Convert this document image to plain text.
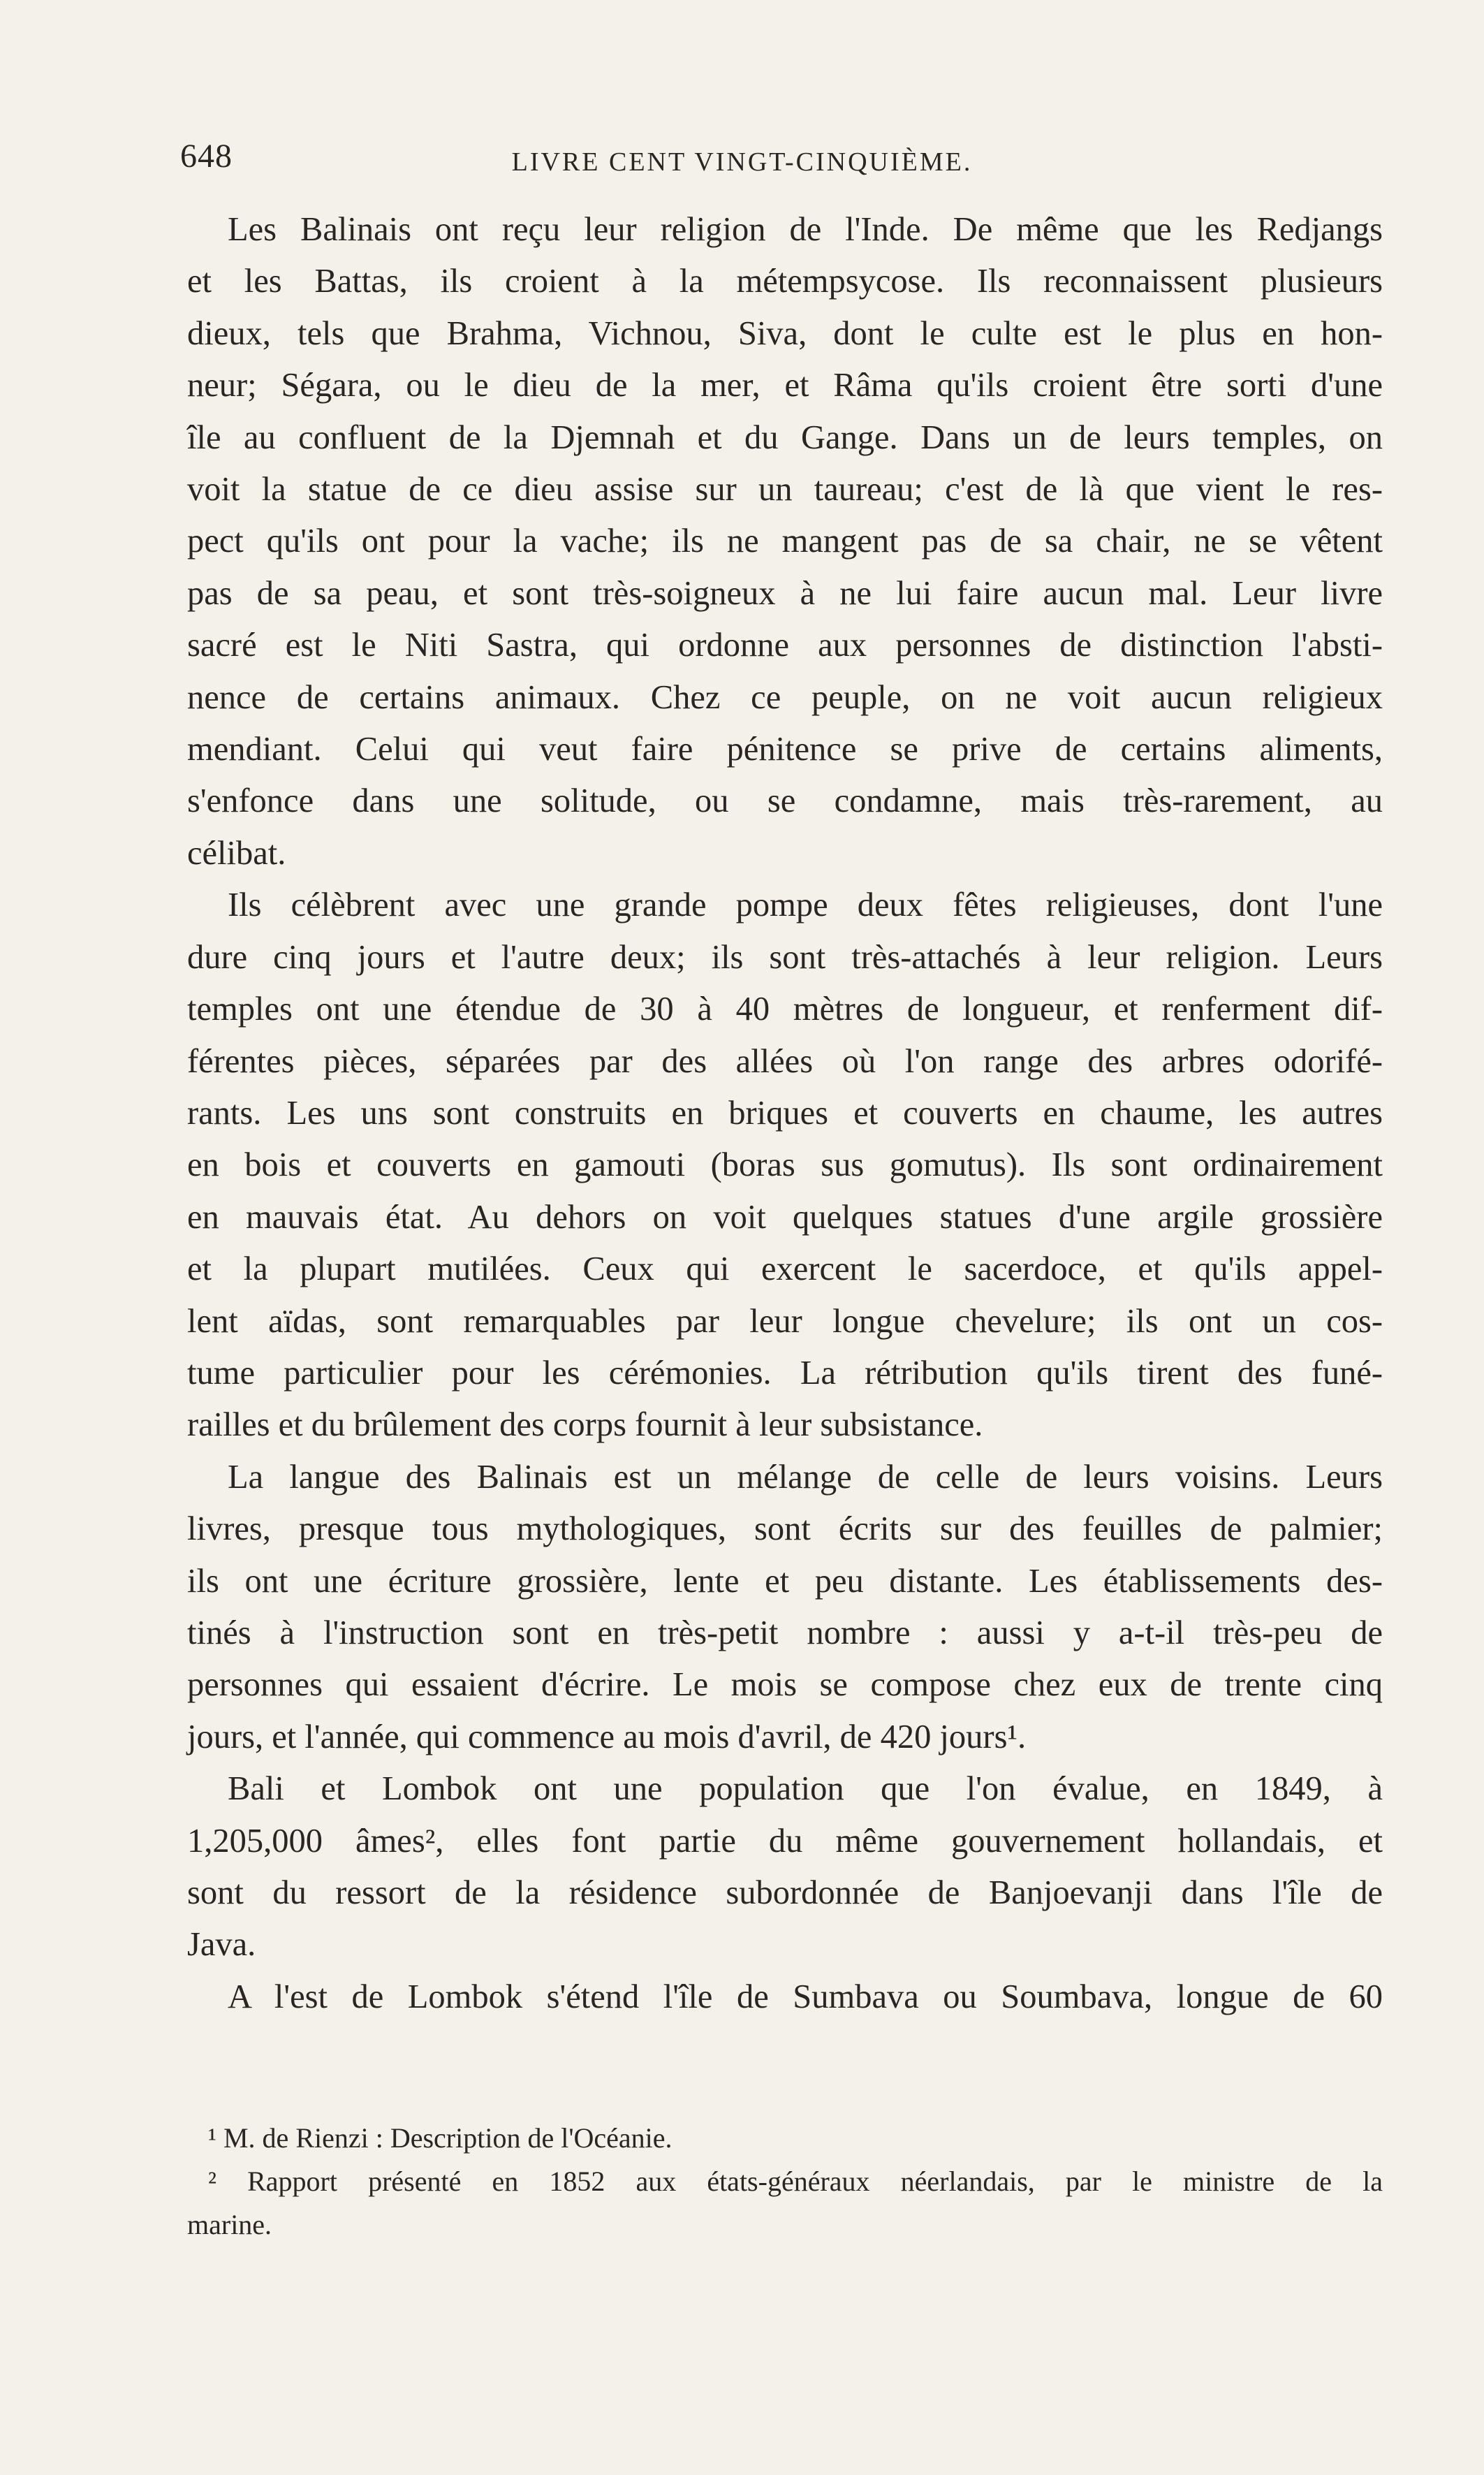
648	LIVRE CENT VINGT-CINQUIÈME.

Les Balinais ont reçu leur religion de l'Inde. De même que les Redjangs
et les Battas, ils croient à la métempsycose. Ils reconnaissent plusieurs
dieux, tels que Brahma, Vichnou, Siva, dont le culte est le plus en hon-
neur; Ségara, ou le dieu de la mer, et Râma qu'ils croient être sorti d'une
île au confluent de la Djemnah et du Gange. Dans un de leurs temples, on
voit la statue de ce dieu assise sur un taureau; c'est de là que vient le res-
pect qu'ils ont pour la vache; ils ne mangent pas de sa chair, ne se vêtent
pas de sa peau, et sont très-soigneux à ne lui faire aucun mal. Leur livre
sacré est le Niti Sastra, qui ordonne aux personnes de distinction l'absti-
nence de certains animaux. Chez ce peuple, on ne voit aucun religieux
mendiant. Celui qui veut faire pénitence se prive de certains aliments,
s'enfonce dans une solitude, ou se condamne, mais très-rarement, au
célibat.

Ils célèbrent avec une grande pompe deux fêtes religieuses, dont l'une
dure cinq jours et l'autre deux; ils sont très-attachés à leur religion. Leurs
temples ont une étendue de 30 à 40 mètres de longueur, et renferment dif-
férentes pièces, séparées par des allées où l'on range des arbres odorifé-
rants. Les uns sont construits en briques et couverts en chaume, les autres
en bois et couverts en gamouti (boras sus gomutus). Ils sont ordinairement
en mauvais état. Au dehors on voit quelques statues d'une argile grossière
et la plupart mutilées. Ceux qui exercent le sacerdoce, et qu'ils appel-
lent aïdas, sont remarquables par leur longue chevelure; ils ont un cos-
tume particulier pour les cérémonies. La rétribution qu'ils tirent des funé-
railles et du brûlement des corps fournit à leur subsistance.

La langue des Balinais est un mélange de celle de leurs voisins. Leurs
livres, presque tous mythologiques, sont écrits sur des feuilles de palmier;
ils ont une écriture grossière, lente et peu distante. Les établissements des-
tinés à l'instruction sont en très-petit nombre : aussi y a-t-il très-peu de
personnes qui essaient d'écrire. Le mois se compose chez eux de trente cinq
jours, et l'année, qui commence au mois d'avril, de 420 jours¹.

Bali et Lombok ont une population que l'on évalue, en 1849, à
1,205,000 âmes², elles font partie du même gouvernement hollandais, et
sont du ressort de la résidence subordonnée de Banjoevanji dans l'île de
Java.

A l'est de Lombok s'étend l'île de Sumbava ou Soumbava, longue de 60

¹ M. de Rienzi : Description de l'Océanie.
² Rapport présenté en 1852 aux états-généraux néerlandais, par le ministre de la
marine.
